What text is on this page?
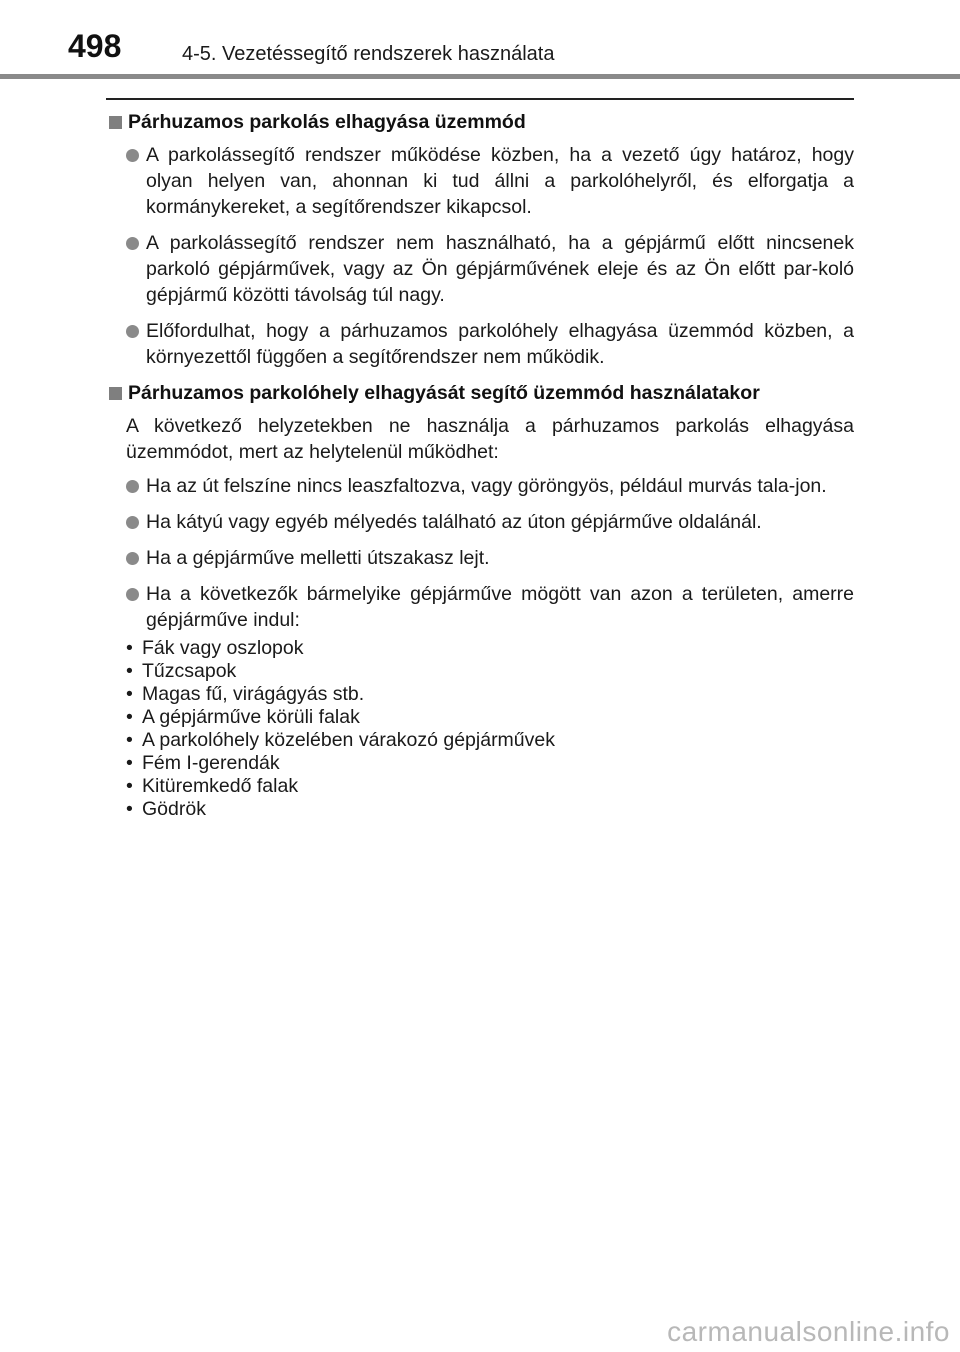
498	4-5. Vezetéssegítő rendszerek használata
Párhuzamos parkolás elhagyása üzemmód
A parkolássegítő rendszer működése közben, ha a vezető úgy határoz, hogy olyan helyen van, ahonnan ki tud állni a parkolóhelyről, és elforgatja a kormánykereket, a segítőrendszer kikapcsol.
A parkolássegítő rendszer nem használható, ha a gépjármű előtt nincsenek parkoló gépjárművek, vagy az Ön gépjárművének eleje és az Ön előtt par-koló gépjármű közötti távolság túl nagy.
Előfordulhat, hogy a párhuzamos parkolóhely elhagyása üzemmód közben, a környezettől függően a segítőrendszer nem működik.
Párhuzamos parkolóhely elhagyását segítő üzemmód használatakor
A következő helyzetekben ne használja a párhuzamos parkolás elhagyása üzemmódot, mert az helytelenül működhet:
Ha az út felszíne nincs leaszfaltozva, vagy göröngyös, például murvás tala-jon.
Ha kátyú vagy egyéb mélyedés található az úton gépjárműve oldalánál.
Ha a gépjárműve melletti útszakasz lejt.
Ha a következők bármelyike gépjárműve mögött van azon a területen, amerre gépjárműve indul:
• Fák vagy oszlopok
• Tűzcsapok
• Magas fű, virágágyás stb.
• A gépjárműve körüli falak
• A parkolóhely közelében várakozó gépjárművek
• Fém I-gerendák
• Kitüremkedő falak
• Gödrök
carmanualsonline.info
